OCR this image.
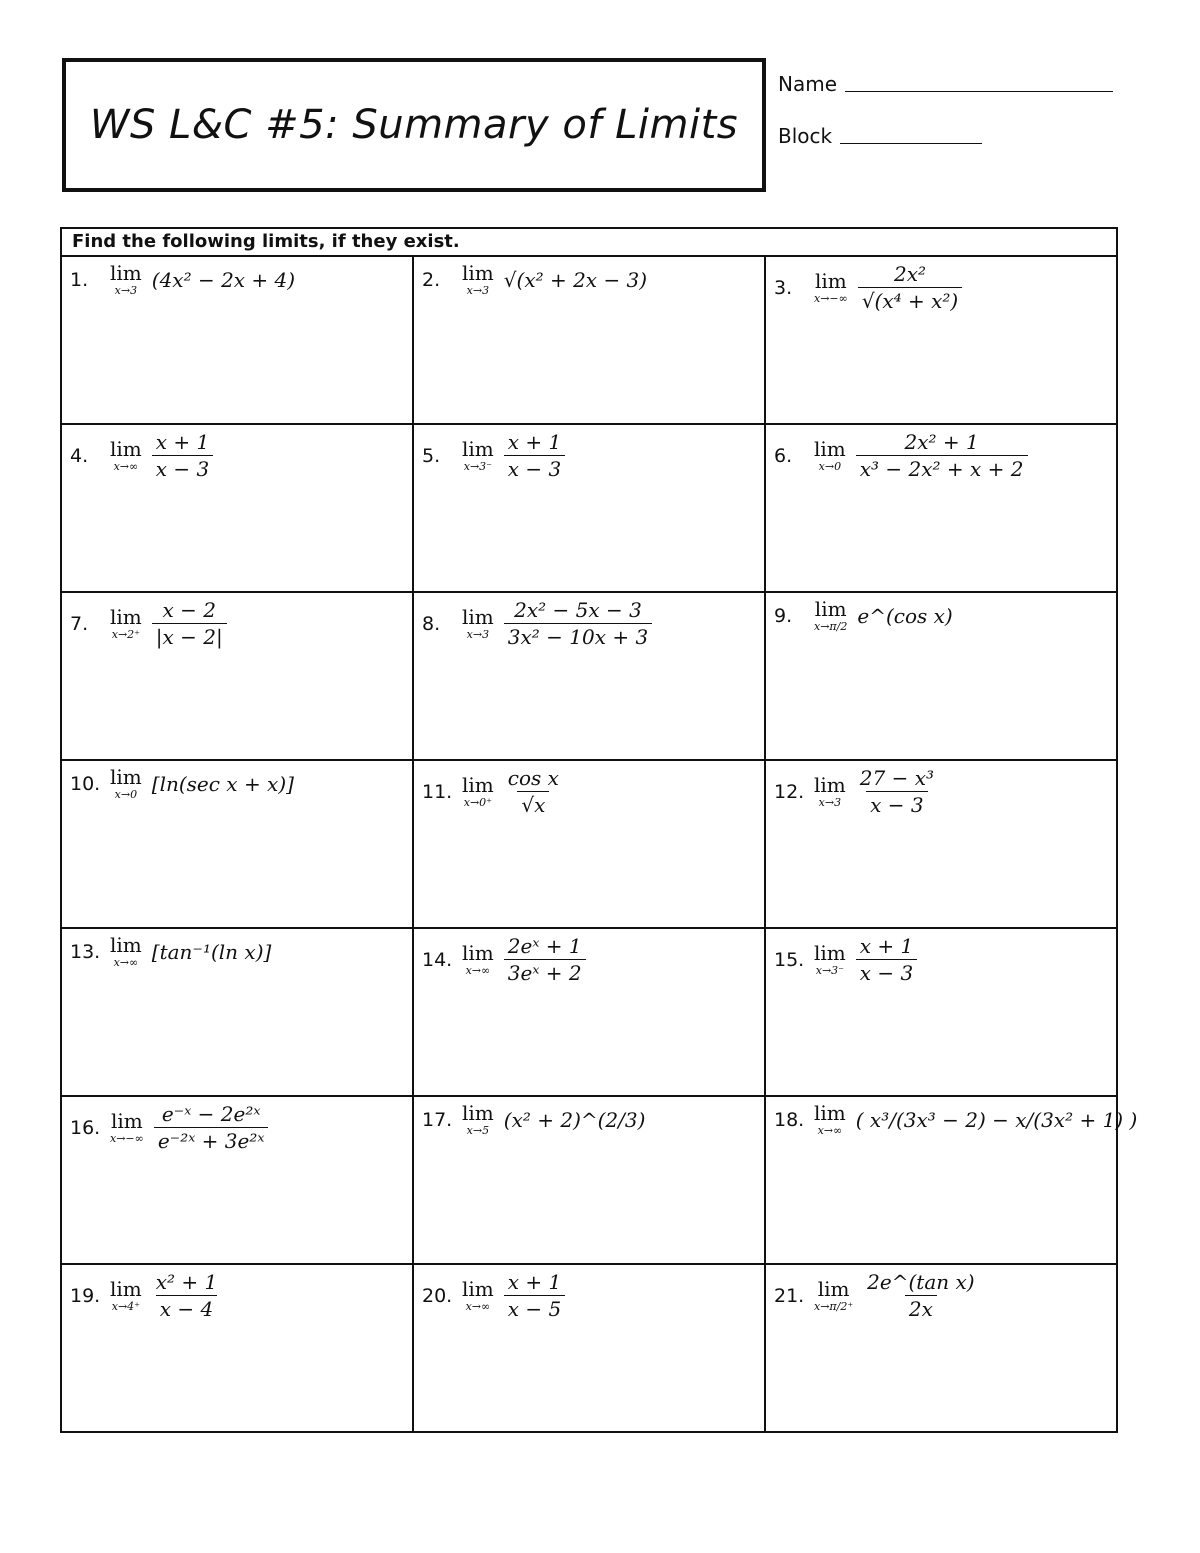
WS L&C #5: Summary of Limits
Name
Block
Find the following limits, if they exist.		

1. lim
x→3 (4x² − 2x + 4)	2. lim
x→3 √(x² + 2x − 3)	3. lim
$x\to-\infty \frac{\text{2x²}}{\text{√(x⁴ + x²)}}$

4. lim
$x\to\infty \frac{x + 1}{x - 3}$	5. lim
$x\to 3^- \frac{x + 1}{x - 3}$	6. lim
$x\to 0 \frac{\text{2x² + 1}}{\text{x³ − 2x² + x + 2}}$

7. lim
$x\to 2^+ \frac{x - 2}{|x - 2|}$	8. lim
$x\to 3 \frac{\text{2x² − 5x − 3}}{\text{3x² − 10x + 3}}$	9. lim
x→π/2 e^(cos x)

10. lim
x→0 [ln(sec x + x)]	11. lim
$x\to 0^+ \frac{\text{cos x}}{√x}$	12. lim
$x\to 3 \frac{\text{27 − x³}}{x - 3}$

13. lim
x→∞ [tan⁻¹(ln x)]	14. lim
$x\to\infty \frac{\text{2eˣ + 1}}{\text{3eˣ + 2}}$	15. lim
$x\to 3^- \frac{x + 1}{x - 3}$

16. lim
$x\to-\infty \frac{\text{e⁻ˣ − 2e²ˣ}}{\text{e⁻²ˣ + 3e²ˣ}}$	17. lim
x→5 (x² + 2)^(2/3)	18. lim
x→∞ ( x³/(3x³ − 2) − x/(3x² + 1) )

19. lim
$x\to 4^+ \frac{\text{x² + 1}}{x - 4}$	20. lim
$x\to\infty \frac{x + 1}{x - 5}$	21. lim
$x\to\pi/2^+ \frac{\text{2e\textasciicircum{}(tan x)}}{2x}$
